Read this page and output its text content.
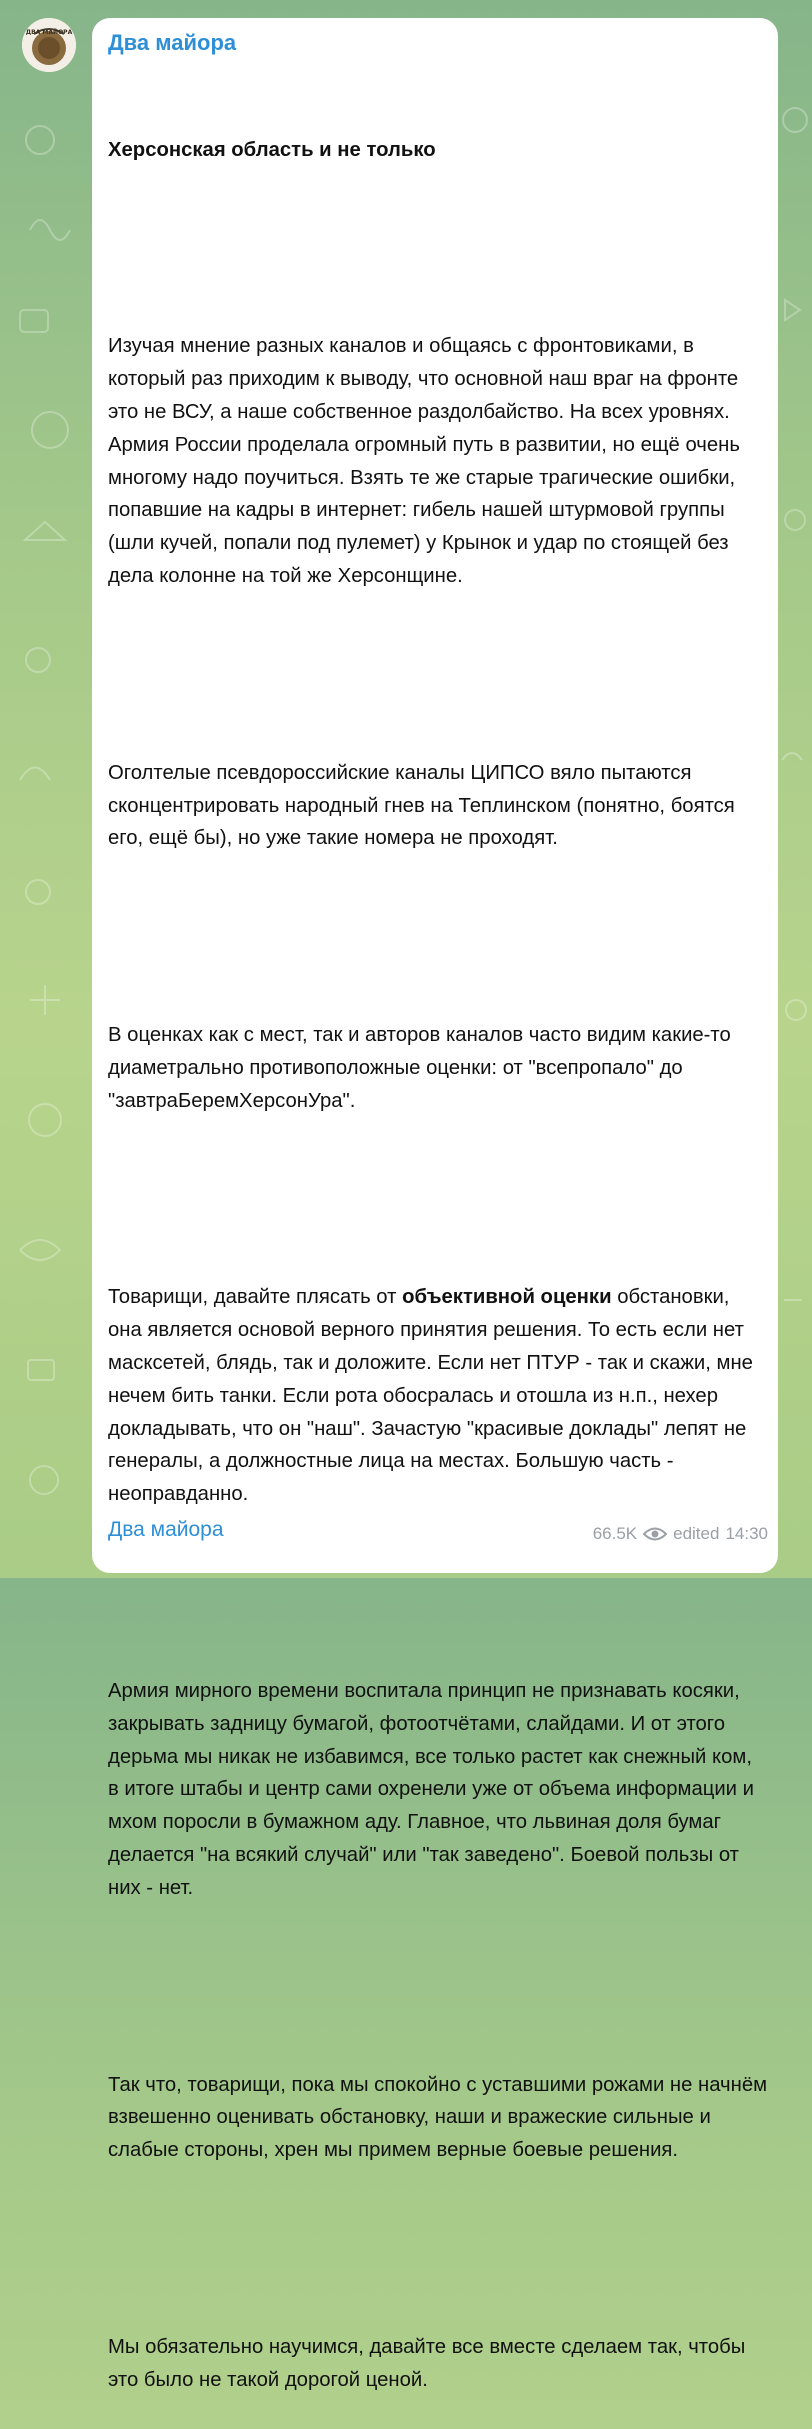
ДВА МАЙОРА Два майора

Херсонская область и не только

Изучая мнение разных каналов и общаясь с фронтовиками, в который раз приходим к выводу, что основной наш враг на фронте это не ВСУ, а наше собственное раздолбайство. На всех уровнях. Армия России проделала огромный путь в развитии, но ещё очень многому надо поучиться. Взять те же старые трагические ошибки, попавшие на кадры в интернет: гибель нашей штурмовой группы (шли кучей, попали под пулемет) у Крынок и удар по стоящей без дела колонне на той же Херсонщине.

Оголтелые псевдороссийские каналы ЦИПСО вяло пытаются сконцентрировать народный гнев на Теплинском (понятно, боятся его, ещё бы), но уже такие номера не проходят.

В оценках как с мест, так и авторов каналов часто видим какие-то диаметрально противоположные оценки: от "всепропало" до "завтраБеремХерсонУра".

Товарищи, давайте плясать от объективной оценки обстановки, она является основой верного принятия решения. То есть если нет масксетей, блядь, так и доложите. Если нет ПТУР - так и скажи, мне нечем бить танки. Если рота обосралась и отошла из н.п., нехер докладывать, что он "наш". Зачастую "красивые доклады" лепят не генералы, а должностные лица на местах. Большую часть - неоправданно.

Армия мирного времени воспитала принцип не признавать косяки, закрывать задницу бумагой, фотоотчётами, слайдами. И от этого дерьма мы никак не избавимся, все только растет как снежный ком, в итоге штабы и центр сами охренели уже от объема информации и мхом поросли в бумажном аду. Главное, что львиная доля бумаг делается "на всякий случай" или "так заведено". Боевой пользы от них - нет.

Так что, товарищи, пока мы спокойно с уставшими рожами не начнём взвешенно оценивать обстановку, наши и вражеские сильные и слабые стороны, хрен мы примем верные боевые решения.

Мы обязательно научимся, давайте все вместе сделаем так, чтобы это было не такой дорогой ценой.

Два майора	66.5K edited 14:30
